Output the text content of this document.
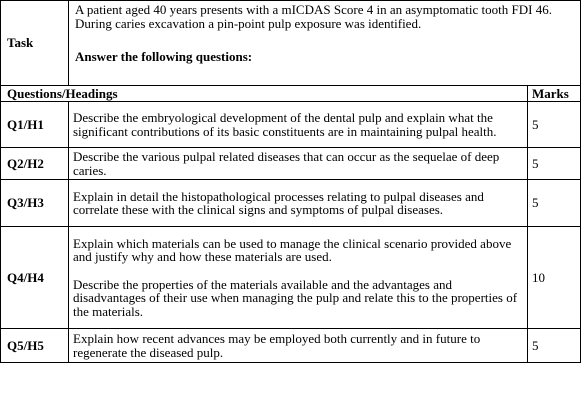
Task	A patient aged 40 years presents with a mICDAS Score 4 in an asymptomatic tooth FDI 46. During caries excavation a pin-point pulp exposure was identified.

Answer the following questions:	

Questions/Headings		Marks
Q1/H1	Describe the embryological development of the dental pulp and explain what the significant contributions of its basic constituents are in maintaining pulpal health.	5
Q2/H2	Describe the various pulpal related diseases that can occur as the sequelae of deep caries.	5
Q3/H3	Explain in detail the histopathological processes relating to pulpal diseases and correlate these with the clinical signs and symptoms of pulpal diseases.	5
Q4/H4	Explain which materials can be used to manage the clinical scenario provided above and justify why and how these materials are used.

Describe the properties of the materials available and the advantages and disadvantages of their use when managing the pulp and relate this to the properties of the materials.	10
Q5/H5	Explain how recent advances may be employed both currently and in future to regenerate the diseased pulp.	5
